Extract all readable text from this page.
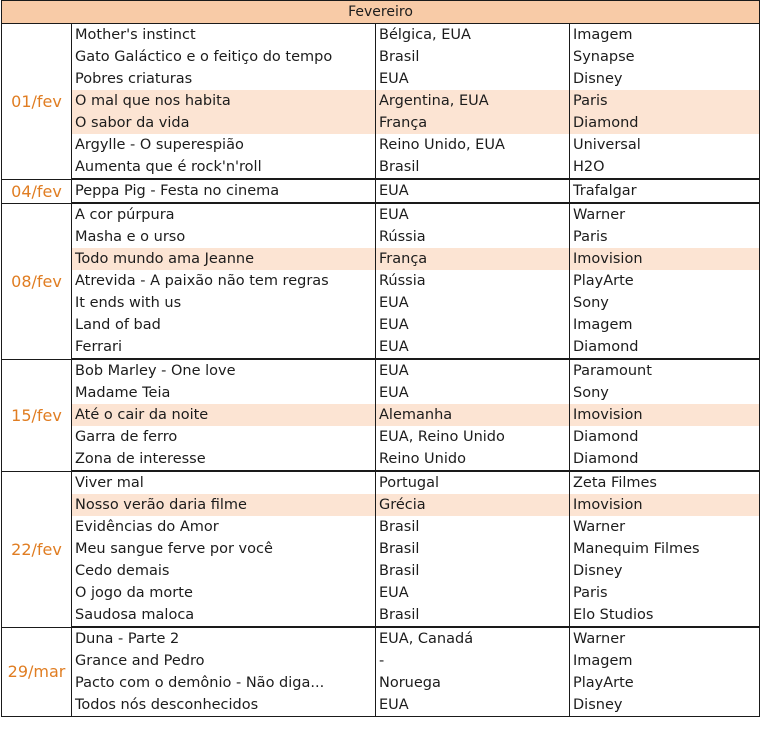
Fevereiro			
01/fev	Mother's instinct	Bélgica, EUA	Imagem
	Gato Galáctico e o feitiço do tempo	Brasil	Synapse
	Pobres criaturas	EUA	Disney
	O mal que nos habita	Argentina, EUA	Paris
	O sabor da vida	França	Diamond
	Argylle - O superespião	Reino Unido, EUA	Universal
	Aumenta que é rock'n'roll	Brasil	H2O
04/fev	Peppa Pig - Festa no cinema	EUA	Trafalgar
08/fev	A cor púrpura	EUA	Warner
	Masha e o urso	Rússia	Paris
	Todo mundo ama Jeanne	França	Imovision
	Atrevida - A paixão não tem regras	Rússia	PlayArte
	It ends with us	EUA	Sony
	Land of bad	EUA	Imagem
	Ferrari	EUA	Diamond
15/fev	Bob Marley - One love	EUA	Paramount
	Madame Teia	EUA	Sony
	Até o cair da noite	Alemanha	Imovision
	Garra de ferro	EUA, Reino Unido	Diamond
	Zona de interesse	Reino Unido	Diamond
22/fev	Viver mal	Portugal	Zeta Filmes
	Nosso verão daria filme	Grécia	Imovision
	Evidências do Amor	Brasil	Warner
	Meu sangue ferve por você	Brasil	Manequim Filmes
	Cedo demais	Brasil	Disney
	O jogo da morte	EUA	Paris
	Saudosa maloca	Brasil	Elo Studios
29/mar	Duna - Parte 2	EUA, Canadá	Warner
	Grance and Pedro	-	Imagem
	Pacto com o demônio - Não diga...	Noruega	PlayArte
	Todos nós desconhecidos	EUA	Disney
